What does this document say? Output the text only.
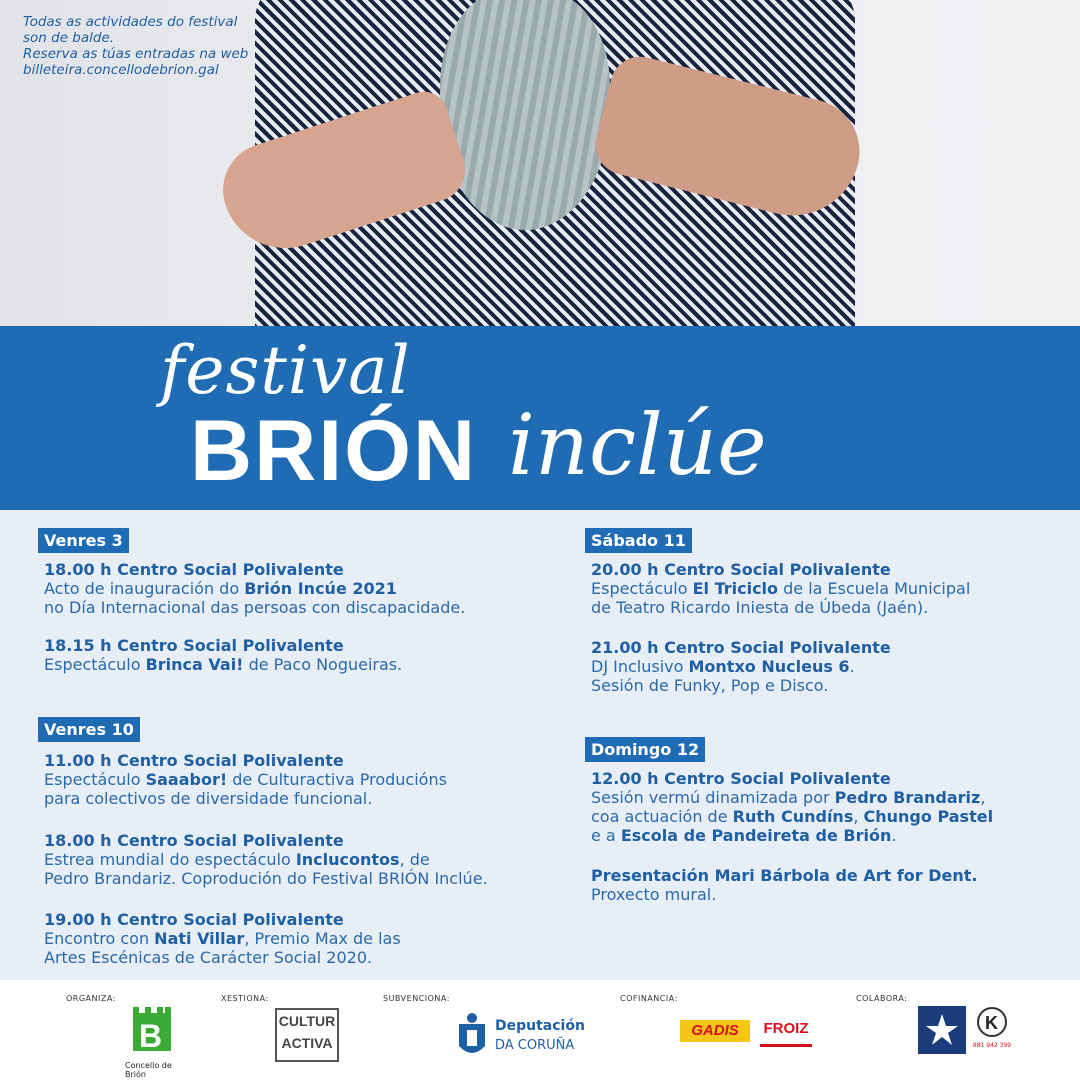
Todas as actividades do festival
son de balde.
Reserva as túas entradas na web
billeteira.concellodebrion.gal
festival
BRIÓN inclúe
Venres 3
18.00 h Centro Social Polivalente
Acto de inauguración do Brión Incúe 2021
no Día Internacional das persoas con discapacidade.
18.15 h Centro Social Polivalente
Espectáculo Brinca Vai! de Paco Nogueiras.
Venres 10
11.00 h Centro Social Polivalente
Espectáculo Saaabor! de Culturactiva Producións
para colectivos de diversidade funcional.
18.00 h Centro Social Polivalente
Estrea mundial do espectáculo Inclucontos, de
Pedro Brandariz. Coprodución do Festival BRIÓN Inclúe.
19.00 h Centro Social Polivalente
Encontro con Nati Villar, Premio Max de las
Artes Escénicas de Carácter Social 2020.
Sábado 11
20.00 h Centro Social Polivalente
Espectáculo El Triciclo de la Escuela Municipal
de Teatro Ricardo Iniesta de Úbeda (Jaén).
21.00 h Centro Social Polivalente
DJ Inclusivo Montxo Nucleus 6.
Sesión de Funky, Pop e Disco.
Domingo 12
12.00 h Centro Social Polivalente
Sesión vermú dinamizada por Pedro Brandariz,
coa actuación de Ruth Cundíns, Chungo Pastel
e a Escola de Pandeireta de Brión.
Presentación Mari Bárbola de Art for Dent.
Proxecto mural.
ORGANIZA:	XESTIONA:	SUBVENCIONA:	COFINANCIA:	COLABORA:
B
Concello de Brión
CULTUR
ACTIVA
Deputación
DA CORUÑA
GADIS	FROIZ	K
881 942 399
